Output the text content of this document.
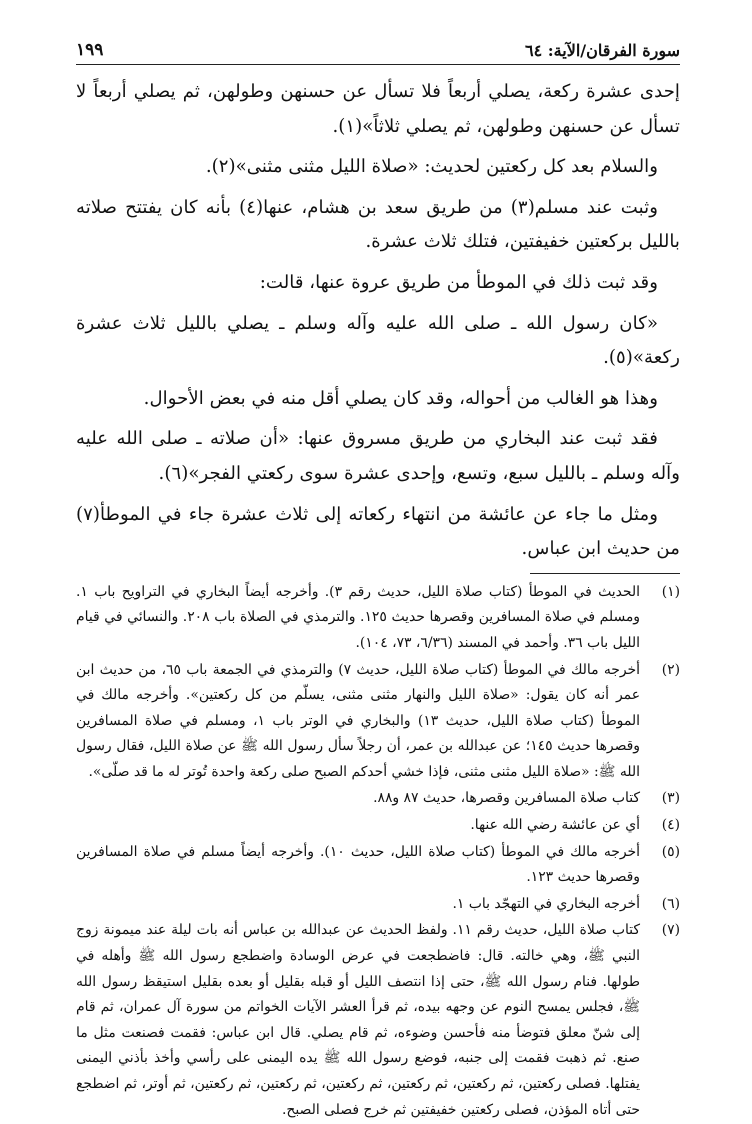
سورة الفرقان/الآية: ٦٤
١٩٩

إحدى عشرة ركعة، يصلي أربعاً فلا تسأل عن حسنهن وطولهن، ثم يصلي أربعاً لا تسأل عن حسنهن وطولهن، ثم يصلي ثلاثاً»(١).

والسلام بعد كل ركعتين لحديث: «صلاة الليل مثنى مثنى»(٢).

وثبت عند مسلم(٣) من طريق سعد بن هشام، عنها(٤) بأنه كان يفتتح صلاته بالليل بركعتين خفيفتين، فتلك ثلاث عشرة.

وقد ثبت ذلك في الموطأ من طريق عروة عنها، قالت:

«كان رسول الله ـ صلى الله عليه وآله وسلم ـ يصلي بالليل ثلاث عشرة ركعة»(٥).

وهذا هو الغالب من أحواله، وقد كان يصلي أقل منه في بعض الأحوال.

فقد ثبت عند البخاري من طريق مسروق عنها: «أن صلاته ـ صلى الله عليه وآله وسلم ـ بالليل سبع، وتسع، وإحدى عشرة سوى ركعتي الفجر»(٦).

ومثل ما جاء عن عائشة من انتهاء ركعاته إلى ثلاث عشرة جاء في الموطأ(٧) من حديث ابن عباس.

(١)
الحديث في الموطأ (كتاب صلاة الليل، حديث رقم ٣). وأخرجه أيضاً البخاري في التراويح باب ١. ومسلم في صلاة المسافرين وقصرها حديث ١٢٥. والترمذي في الصلاة باب ٢٠٨. والنسائي في قيام الليل باب ٣٦. وأحمد في المسند (٦/٣٦، ٧٣، ١٠٤).
(٢)
أخرجه مالك في الموطأ (كتاب صلاة الليل، حديث ٧) والترمذي في الجمعة باب ٦٥، من حديث ابن عمر أنه كان يقول: «صلاة الليل والنهار مثنى مثنى، يسلّم من كل ركعتين». وأخرجه مالك في الموطأ (كتاب صلاة الليل، حديث ١٣) والبخاري في الوتر باب ١، ومسلم في صلاة المسافرين وقصرها حديث ١٤٥؛ عن عبدالله بن عمر، أن رجلاً سأل رسول الله ﷺ عن صلاة الليل، فقال رسول الله ﷺ: «صلاة الليل مثنى مثنى، فإذا خشي أحدكم الصبح صلى ركعة واحدة تُوتر له ما قد صلّى».
(٣)
كتاب صلاة المسافرين وقصرها، حديث ٨٧ و٨٨.
(٤)
أي عن عائشة رضي الله عنها.
(٥)
أخرجه مالك في الموطأ (كتاب صلاة الليل، حديث ١٠). وأخرجه أيضاً مسلم في صلاة المسافرين وقصرها حديث ١٢٣.
(٦)
أخرجه البخاري في التهجّد باب ١.
(٧)
كتاب صلاة الليل، حديث رقم ١١. ولفظ الحديث عن عبدالله بن عباس أنه بات ليلة عند ميمونة زوج النبي ﷺ، وهي خالته. قال: فاضطجعت في عرض الوسادة واضطجع رسول الله ﷺ وأهله في طولها. فنام رسول الله ﷺ، حتى إذا انتصف الليل أو قبله بقليل أو بعده بقليل استيقظ رسول الله ﷺ، فجلس يمسح النوم عن وجهه بيده، ثم قرأ العشر الآيات الخواتم من سورة آل عمران، ثم قام إلى شنّ معلق فتوضأ منه فأحسن وضوءه، ثم قام يصلي. قال ابن عباس: فقمت فصنعت مثل ما صنع. ثم ذهبت فقمت إلى جنبه، فوضع رسول الله ﷺ يده اليمنى على رأسي وأخذ بأذني اليمنى يفتلها. فصلى ركعتين، ثم ركعتين، ثم ركعتين، ثم ركعتين، ثم ركعتين، ثم ركعتين، ثم أوتر، ثم اضطجع حتى أتاه المؤذن، فصلى ركعتين خفيفتين ثم خرج فصلى الصبح.
